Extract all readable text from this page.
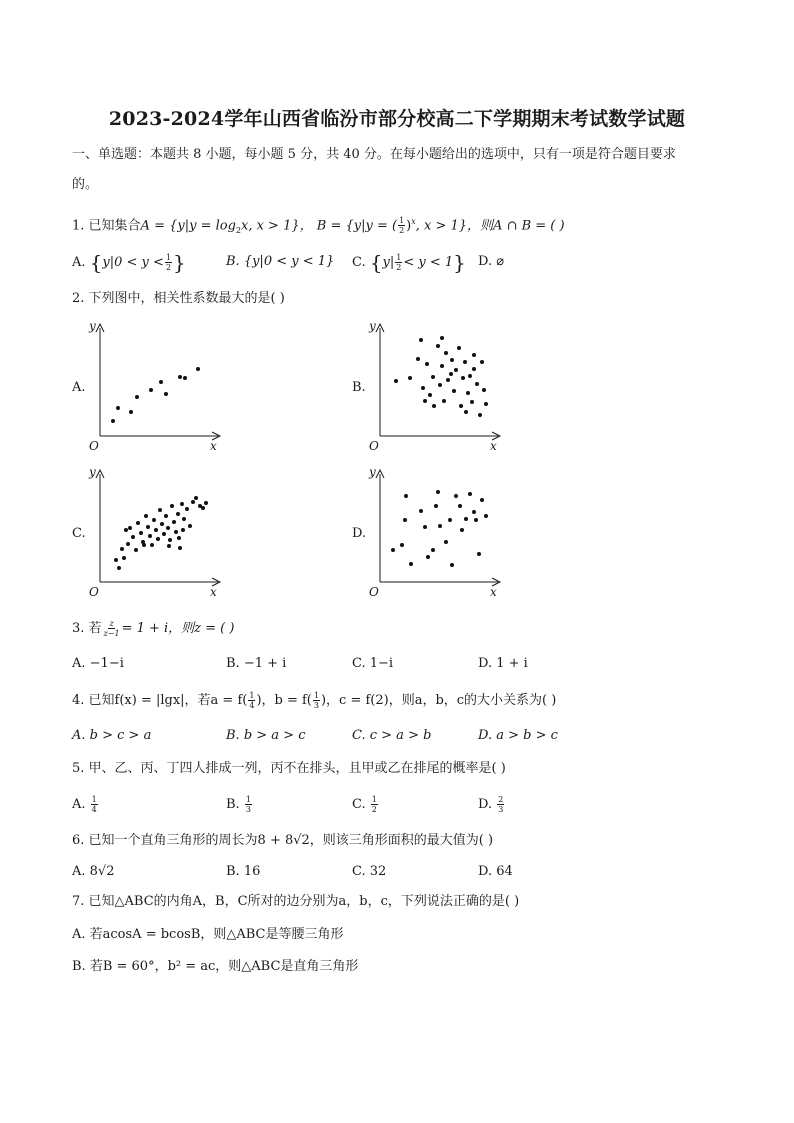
2023-2024学年山西省临汾市部分校高二下学期期末考试数学试题
一、单选题：本题共 8 小题，每小题 5 分，共 40 分。在每小题给出的选项中，只有一项是符合题目要求
的。
1. 已知集合$A = \{y|y = \log_2x$, x > 1}， B = {y|y = ( $\frac{1}{2} )^x$, x > 1}，则A ∩ B = ( )
A. {$y|0 < y < \frac{1}{2}$ }	B. {y|0 < y < 1} C. $\{y| \frac{1}{2} < y < 1\}$ D. ⌀
2. 下列图中，相关性系数最大的是( )
A.	B.
C.	D.
y
x
O
y
x
O
y
x
O
y
x
O
3. 若 $\frac{z}{z-1} = 1 + i$，则z = ( )
A. −1−i	B. −1 + i	C. 1−i	D. 1 + i
4. 已知f(x) = |lgx|，若$a = f( \frac{1}{4}$ )，$b = f( \frac{1}{3}$ )，c = f(2)，则a，b，c的大小关系为( )
A. b > c > a	B. b > a > c	C. c > a > b	D. a > b > c
5. 甲、乙、丙、丁四人排成一列，丙不在排头，且甲或乙在排尾的概率是( )
A. $\frac{1}{4}$	B. $\frac{1}{3}$	C. $\frac{1}{2}$	D. $\frac{2}{3}$
6. 已知一个直角三角形的周长为8 + 8√2，则该三角形面积的最大值为( )
A. 8√2	B. 16	C. 32	D. 64
7. 已知△ABC的内角A，B，C所对的边分别为a，b，c，下列说法正确的是( )
A. 若acosA = bcosB，则△ABC是等腰三角形
B. 若B = 60°，b² = ac，则△ABC是直角三角形
